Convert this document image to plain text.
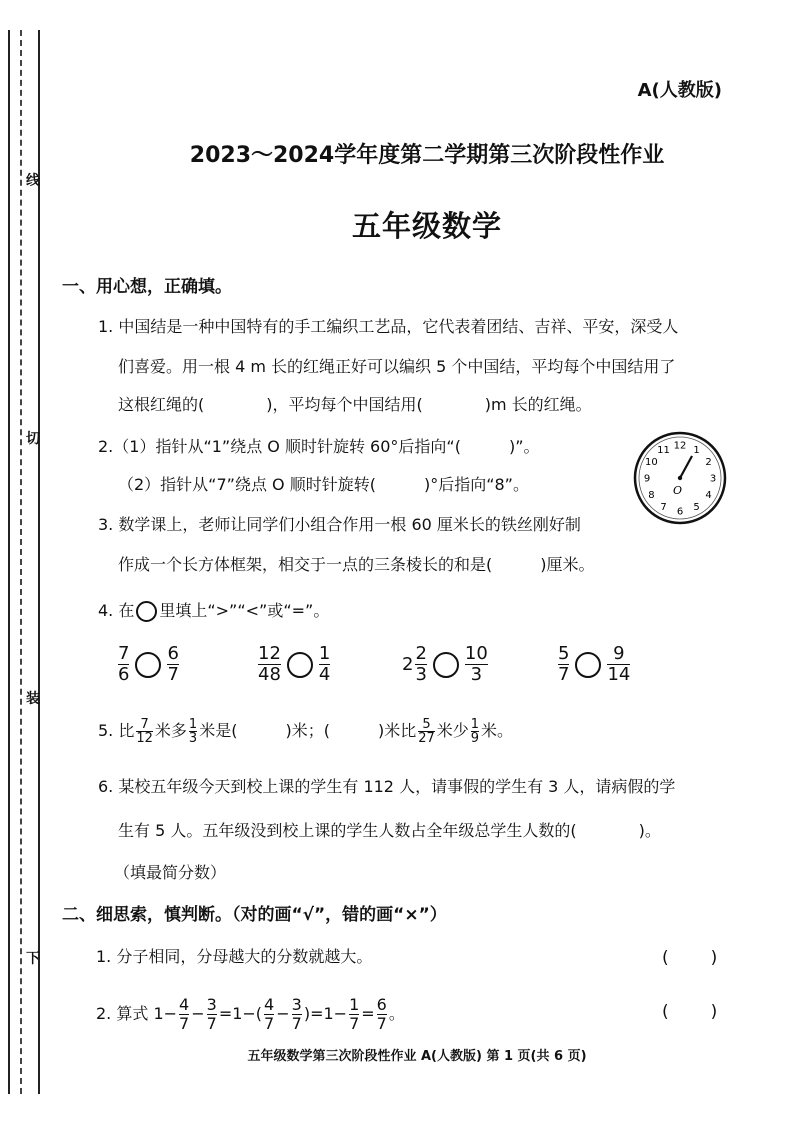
线
切
装
下
A(人教版)
2023～2024学年度第二学期第三次阶段性作业
五年级数学
一、用心想，正确填。
1. 中国结是一种中国特有的手工编织工艺品，它代表着团结、吉祥、平安，深受人
们喜爱。用一根 4 m 长的红绳正好可以编织 5 个中国结，平均每个中国结用了
这根红绳的(	)，平均每个中国结用(	)m 长的红绳。
2.（1）指针从“1”绕点 O 顺时针旋转 60°后指向“(	)”。
（2）指针从“7”绕点 O 顺时针旋转(	)°后指向“8”。
12 1
2
3
4
5
6
7
8
9
10
11
O
3. 数学课上，老师让同学们小组合作用一根 60 厘米长的铁丝刚好制
作成一个长方体框架，相交于一点的三条棱长的和是(	)厘米。
4. 在 里填上“>”“<”或“=”。
$\frac{7}{6} \frac{6}{7}$	$\frac{12}{48} \frac{1}{4}$	$2 \frac{2}{3} \frac{10}{3}$	$\frac{5}{7} \frac{9}{14}$
5. 比 $\frac{7}{12}$ 米多 $\frac{1}{3}$ 米是(	)米；(	)米比 $\frac{5}{27}$ 米少 $\frac{1}{9}$ 米。
6. 某校五年级今天到校上课的学生有 112 人，请事假的学生有 3 人，请病假的学
生有 5 人。五年级没到校上课的学生人数占全年级总学生人数的(	)。
（填最简分数）
二、细思索，慎判断。（对的画“√”，错的画“×”）
1. 分子相同，分母越大的分数就越大。	( )
2. 算式 $1- \frac{4}{7} - \frac{3}{7} =1-( \frac{4}{7} - \frac{3}{7} )=1- \frac{1}{7} = \frac{6}{7}$ 。	( )
五年级数学第三次阶段性作业 A(人教版) 第 1 页(共 6 页)
